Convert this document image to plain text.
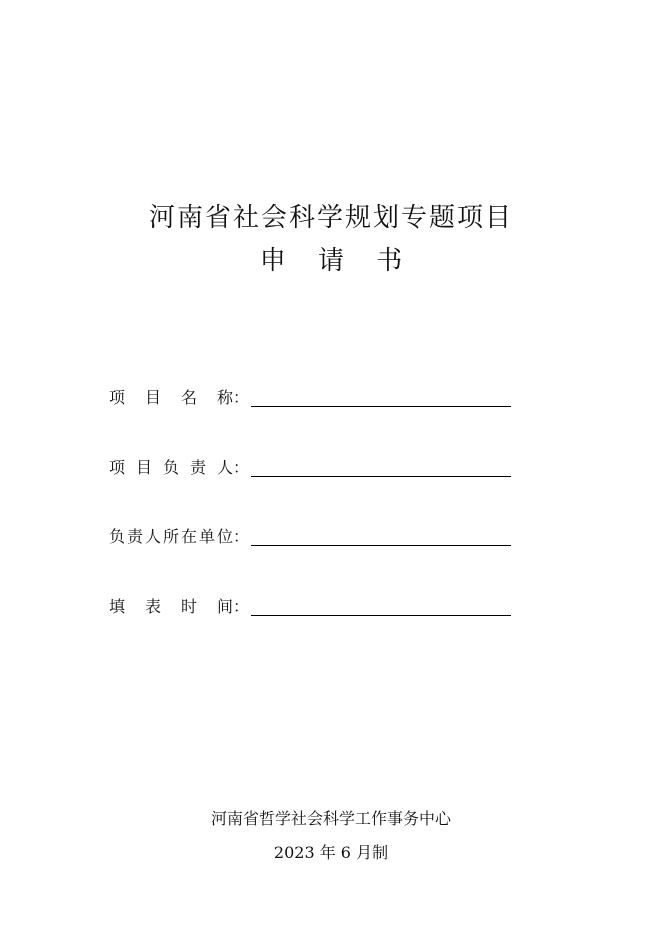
河南省社会科学规划专题项目
申 请 书
项 目 名 称 ：
项 目 负 责 人 ：
负 责 人 所 在 单 位 ：
填 表 时 间 ：
河南省哲学社会科学工作事务中心
2023 年 6 月制
